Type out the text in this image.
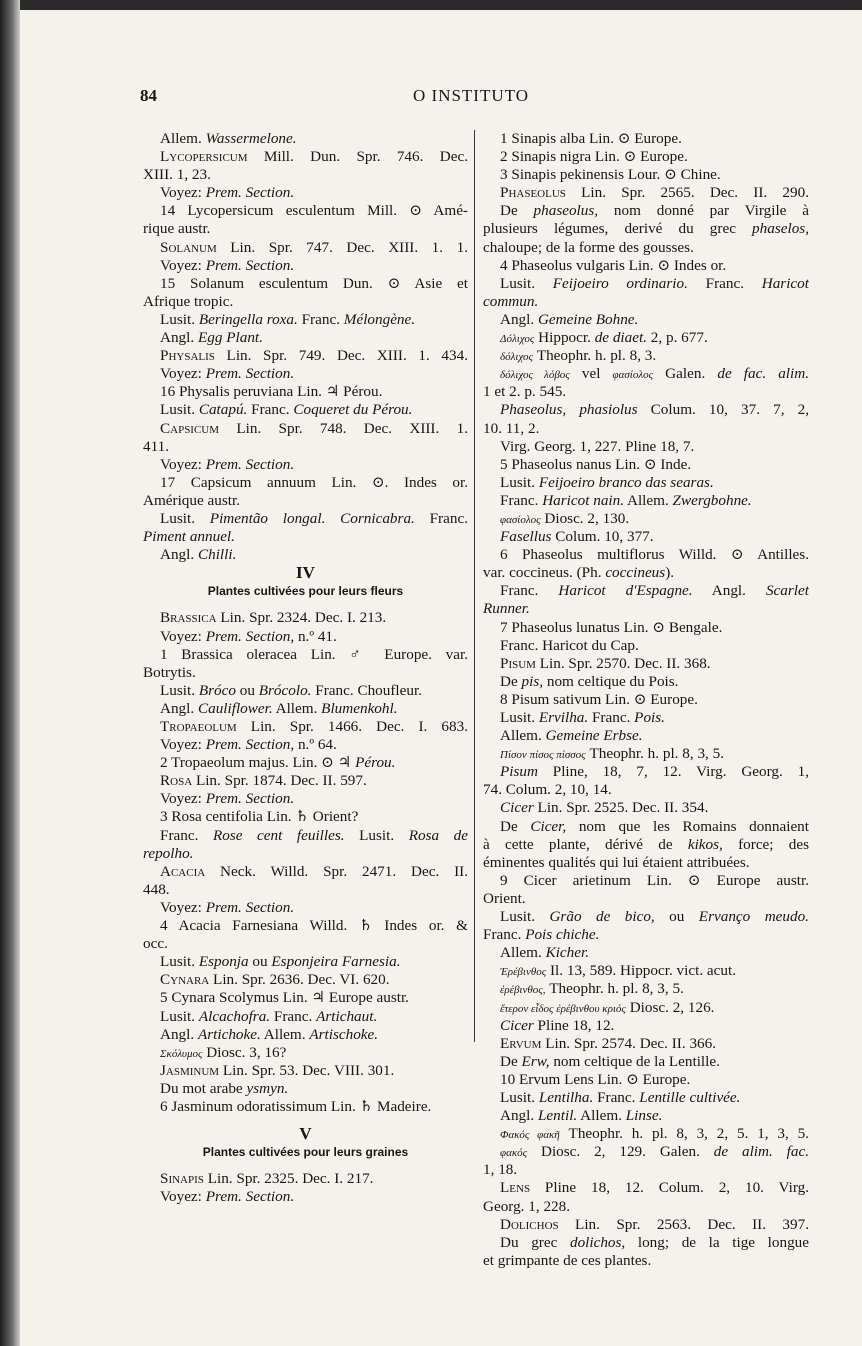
84	O INSTITUTO
Allem. Wassermelone.
Lycopersicum Mill. Dun. Spr. 746. Dec.
XIII. 1, 23.
Voyez: Prem. Section.
14 Lycopersicum esculentum Mill. ⊙ Amé-
rique austr.
Solanum Lin. Spr. 747. Dec. XIII. 1. 1.
Voyez: Prem. Section.
15 Solanum esculentum Dun. ⊙ Asie et
Afrique tropic.
Lusit. Beringella roxa. Franc. Mélongène.
Angl. Egg Plant.
Physalis Lin. Spr. 749. Dec. XIII. 1. 434.
Voyez: Prem. Section.
16 Physalis peruviana Lin. ♃ Pérou.
Lusit. Catapú. Franc. Coqueret du Pérou.
Capsicum Lin. Spr. 748. Dec. XIII. 1.
411.
Voyez: Prem. Section.
17 Capsicum annuum Lin. ⊙. Indes or.
Amérique austr.
Lusit. Pimentão longal. Cornicabra. Franc.
Piment annuel.
Angl. Chilli.
IV
Plantes cultivées pour leurs fleurs
Brassica Lin. Spr. 2324. Dec. I. 213.
Voyez: Prem. Section, n.º 41.
1 Brassica oleracea Lin. ♂ Europe. var.
Botrytis.
Lusit. Bróco ou Brócolo. Franc. Choufleur.
Angl. Cauliflower. Allem. Blumenkohl.
Tropaeolum Lin. Spr. 1466. Dec. I. 683.
Voyez: Prem. Section, n.º 64.
2 Tropaeolum majus. Lin. ⊙ ♃ Pérou.
Rosa Lin. Spr. 1874. Dec. II. 597.
Voyez: Prem. Section.
3 Rosa centifolia Lin. ♄ Orient?
Franc. Rose cent feuilles. Lusit. Rosa de
repolho.
Acacia Neck. Willd. Spr. 2471. Dec. II.
448.
Voyez: Prem. Section.
4 Acacia Farnesiana Willd. ♄ Indes or. &
occ.
Lusit. Esponja ou Esponjeira Farnesia.
Cynara Lin. Spr. 2636. Dec. VI. 620.
5 Cynara Scolymus Lin. ♃ Europe austr.
Lusit. Alcachofra. Franc. Artichaut.
Angl. Artichoke. Allem. Artischoke.
Σκόλυμος Diosc. 3, 16?
Jasminum Lin. Spr. 53. Dec. VIII. 301.
Du mot arabe ysmyn.
6 Jasminum odoratissimum Lin. ♄ Madeire.
V
Plantes cultivées pour leurs graines
Sinapis Lin. Spr. 2325. Dec. I. 217.
Voyez: Prem. Section.
1 Sinapis alba Lin. ⊙ Europe.
2 Sinapis nigra Lin. ⊙ Europe.
3 Sinapis pekinensis Lour. ⊙ Chine.
Phaseolus Lin. Spr. 2565. Dec. II. 290.
De phaseolus, nom donné par Virgile à
plusieurs légumes, derivé du grec phaselos,
chaloupe; de la forme des gousses.
4 Phaseolus vulgaris Lin. ⊙ Indes or.
Lusit. Feijoeiro ordinario. Franc. Haricot
commun.
Angl. Gemeine Bohne.
Δόλιχος Hippocr. de diaet. 2, p. 677.
δόλιχος Theophr. h. pl. 8, 3.
δόλιχος λόβος vel φασίολος Galen. de fac. alim.
1 et 2. p. 545.
Phaseolus, phasiolus Colum. 10, 37. 7, 2,
10. 11, 2.
Virg. Georg. 1, 227. Pline 18, 7.
5 Phaseolus nanus Lin. ⊙ Inde.
Lusit. Feijoeiro branco das searas.
Franc. Haricot nain. Allem. Zwergbohne.
φασίολος Diosc. 2, 130.
Fasellus Colum. 10, 377.
6 Phaseolus multiflorus Willd. ⊙ Antilles.
var. coccineus. (Ph. coccineus).
Franc. Haricot d'Espagne. Angl. Scarlet
Runner.
7 Phaseolus lunatus Lin. ⊙ Bengale.
Franc. Haricot du Cap.
Pisum Lin. Spr. 2570. Dec. II. 368.
De pis, nom celtique du Pois.
8 Pisum sativum Lin. ⊙ Europe.
Lusit. Ervilha. Franc. Pois.
Allem. Gemeine Erbse.
Πίσον πίσος πίσσος Theophr. h. pl. 8, 3, 5.
Pisum Pline, 18, 7, 12. Virg. Georg. 1,
74. Colum. 2, 10, 14.
Cicer Lin. Spr. 2525. Dec. II. 354.
De Cicer, nom que les Romains donnaient
à cette plante, dérivé de kikos, force; des
éminentes qualités qui lui étaient attribuées.
9 Cicer arietinum Lin. ⊙ Europe austr.
Orient.
Lusit. Grão de bico, ou Ervanço meudo.
Franc. Pois chiche.
Allem. Kicher.
Ἐρέβινθος Il. 13, 589. Hippocr. vict. acut.
ἐρέβινθος, Theophr. h. pl. 8, 3, 5.
ἕτερον εἶδος ἐρέβινθου κριός Diosc. 2, 126.
Cicer Pline 18, 12.
Ervum Lin. Spr. 2574. Dec. II. 366.
De Erw, nom celtique de la Lentille.
10 Ervum Lens Lin. ⊙ Europe.
Lusit. Lentilha. Franc. Lentille cultivée.
Angl. Lentil. Allem. Linse.
Φακός φακῆ Theophr. h. pl. 8, 3, 2, 5. 1, 3, 5.
φακός Diosc. 2, 129. Galen. de alim. fac.
1, 18.
Lens Pline 18, 12. Colum. 2, 10. Virg.
Georg. 1, 228.
Dolichos Lin. Spr. 2563. Dec. II. 397.
Du grec dolichos, long; de la tige longue
et grimpante de ces plantes.
